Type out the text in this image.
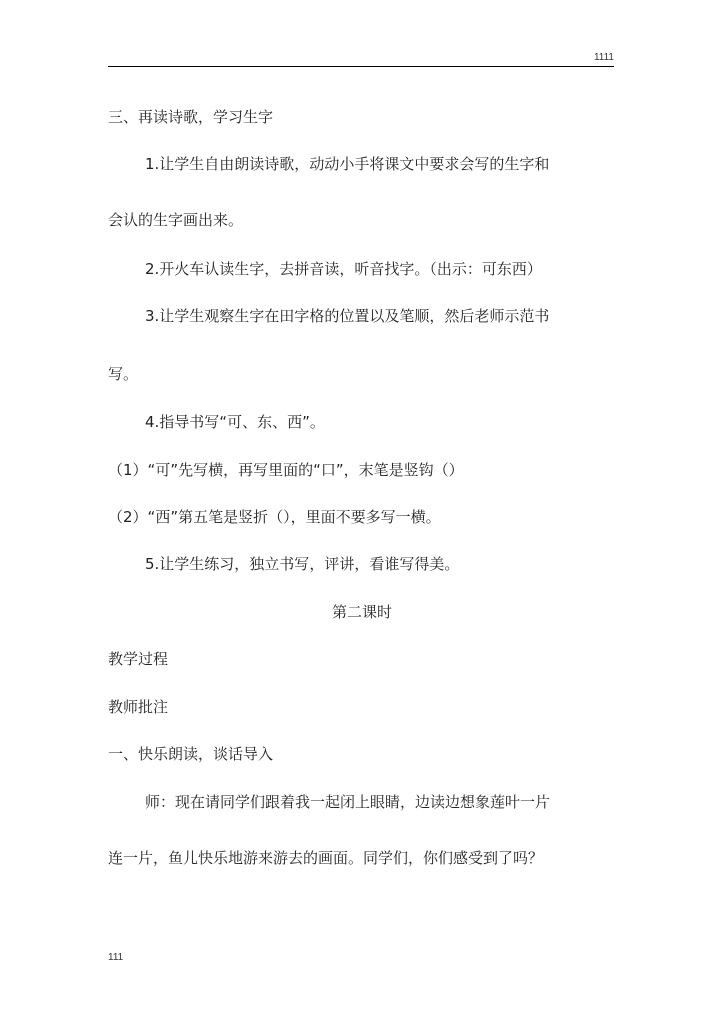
1111
三、再读诗歌，学习生字
1.让学生自由朗读诗歌，动动小手将课文中要求会写的生字和
会认的生字画出来。
2.开火车认读生字，去拼音读，听音找字。（出示：可东西）
3.让学生观察生字在田字格的位置以及笔顺，然后老师示范书
写。
4.指导书写“可、东、西”。
（1）“可”先写横，再写里面的“口”，末笔是竖钩（）
（2）“西”第五笔是竖折（），里面不要多写一横。
5.让学生练习，独立书写，评讲，看谁写得美。
第二课时
教学过程
教师批注
一、快乐朗读，谈话导入
师：现在请同学们跟着我一起闭上眼睛，边读边想象莲叶一片
连一片，鱼儿快乐地游来游去的画面。同学们，你们感受到了吗？
111
